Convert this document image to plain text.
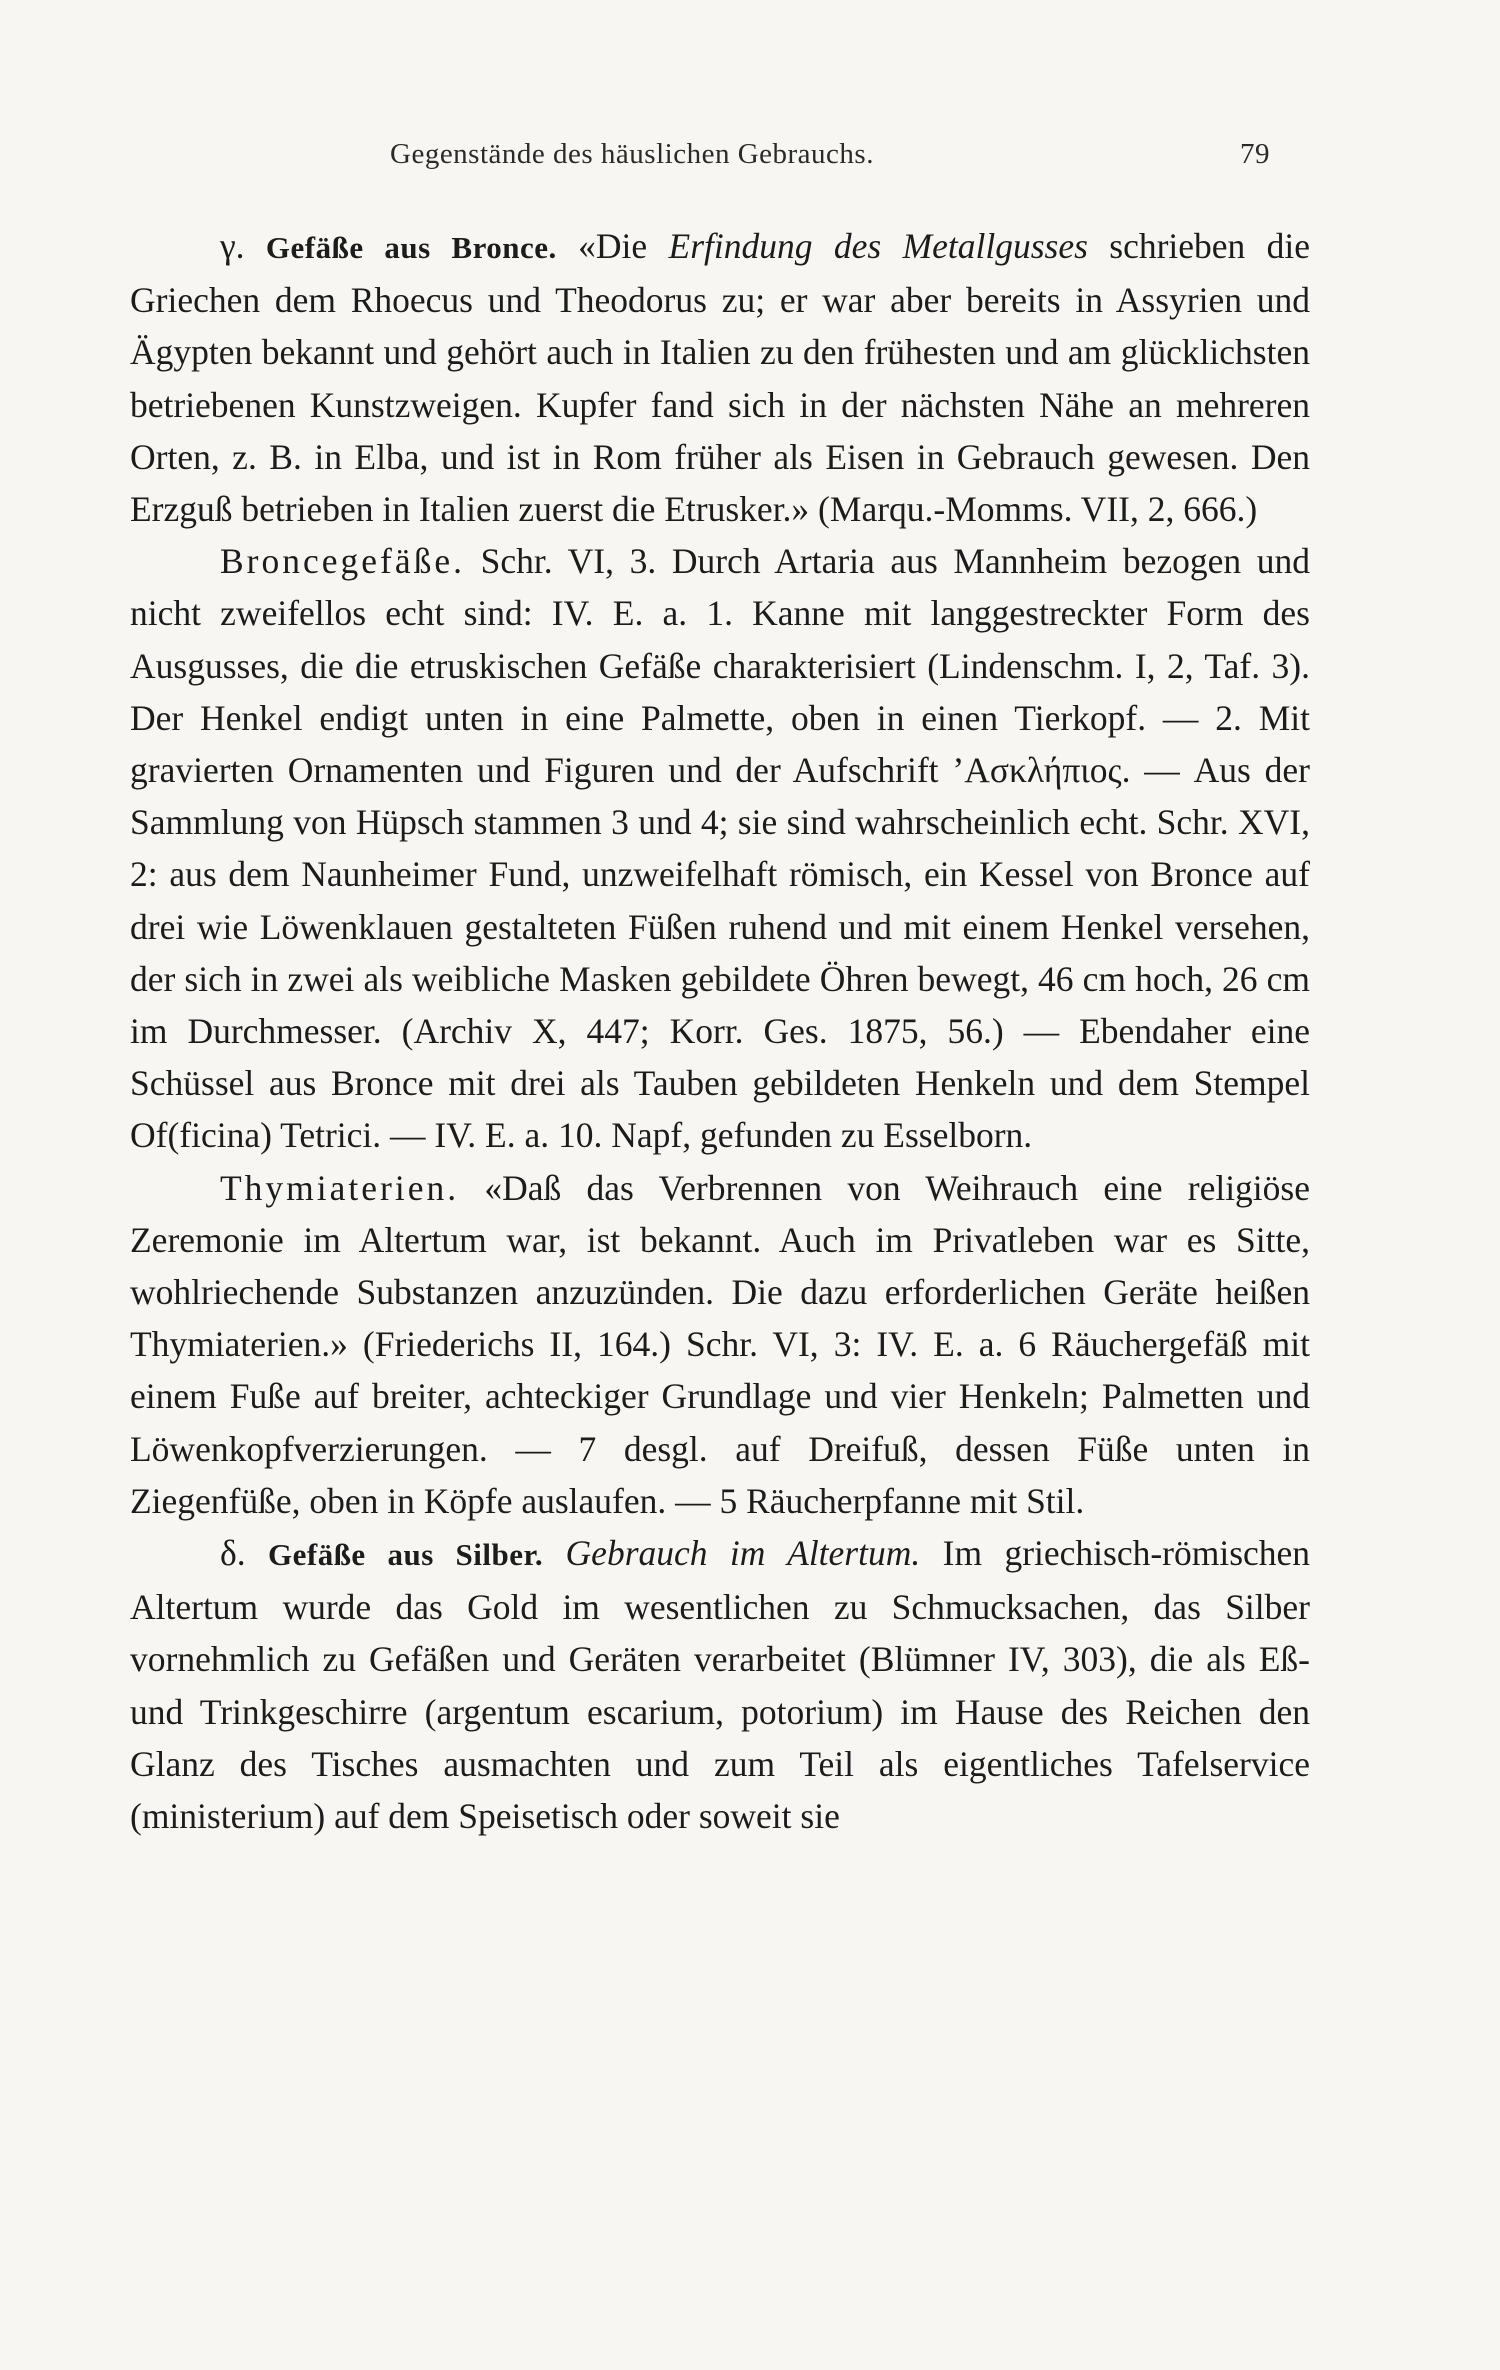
Gegenstände des häuslichen Gebrauchs.	79

γ. Gefäße aus Bronce. «Die Erfindung des Metallgusses schrieben die Griechen dem Rhoecus und Theodorus zu; er war aber bereits in Assyrien und Ägypten bekannt und gehört auch in Italien zu den frühesten und am glücklichsten betriebenen Kunstzweigen. Kupfer fand sich in der nächsten Nähe an mehreren Orten, z. B. in Elba, und ist in Rom früher als Eisen in Gebrauch gewesen. Den Erzguß betrieben in Italien zuerst die Etrusker.» (Marqu.-Momms. VII, 2, 666.)

Broncegefäße. Schr. VI, 3. Durch Artaria aus Mannheim bezogen und nicht zweifellos echt sind: IV. E. a. 1. Kanne mit langgestreckter Form des Ausgusses, die die etruskischen Gefäße charakterisiert (Lindenschm. I, 2, Taf. 3). Der Henkel endigt unten in eine Palmette, oben in einen Tierkopf. — 2. Mit gravierten Ornamenten und Figuren und der Aufschrift ’Ασκλήπιος. — Aus der Sammlung von Hüpsch stammen 3 und 4; sie sind wahrscheinlich echt. Schr. XVI, 2: aus dem Naunheimer Fund, unzweifelhaft römisch, ein Kessel von Bronce auf drei wie Löwenklauen gestalteten Füßen ruhend und mit einem Henkel versehen, der sich in zwei als weibliche Masken gebildete Öhren bewegt, 46 cm hoch, 26 cm im Durchmesser. (Archiv X, 447; Korr. Ges. 1875, 56.) — Ebendaher eine Schüssel aus Bronce mit drei als Tauben gebildeten Henkeln und dem Stempel Of(ficina) Tetrici. — IV. E. a. 10. Napf, gefunden zu Esselborn.

Thymiaterien. «Daß das Verbrennen von Weihrauch eine religiöse Zeremonie im Altertum war, ist bekannt. Auch im Privatleben war es Sitte, wohlriechende Substanzen anzuzünden. Die dazu erforderlichen Geräte heißen Thymiaterien.» (Friederichs II, 164.) Schr. VI, 3: IV. E. a. 6 Räuchergefäß mit einem Fuße auf breiter, achteckiger Grundlage und vier Henkeln; Palmetten und Löwenkopfverzierungen. — 7 desgl. auf Dreifuß, dessen Füße unten in Ziegenfüße, oben in Köpfe auslaufen. — 5 Räucherpfanne mit Stil.

δ. Gefäße aus Silber. Gebrauch im Altertum. Im griechisch-römischen Altertum wurde das Gold im wesentlichen zu Schmucksachen, das Silber vornehmlich zu Gefäßen und Geräten verarbeitet (Blümner IV, 303), die als Eß- und Trinkgeschirre (argentum escarium, potorium) im Hause des Reichen den Glanz des Tisches ausmachten und zum Teil als eigentliches Tafelservice (ministerium) auf dem Speisetisch oder soweit sie
